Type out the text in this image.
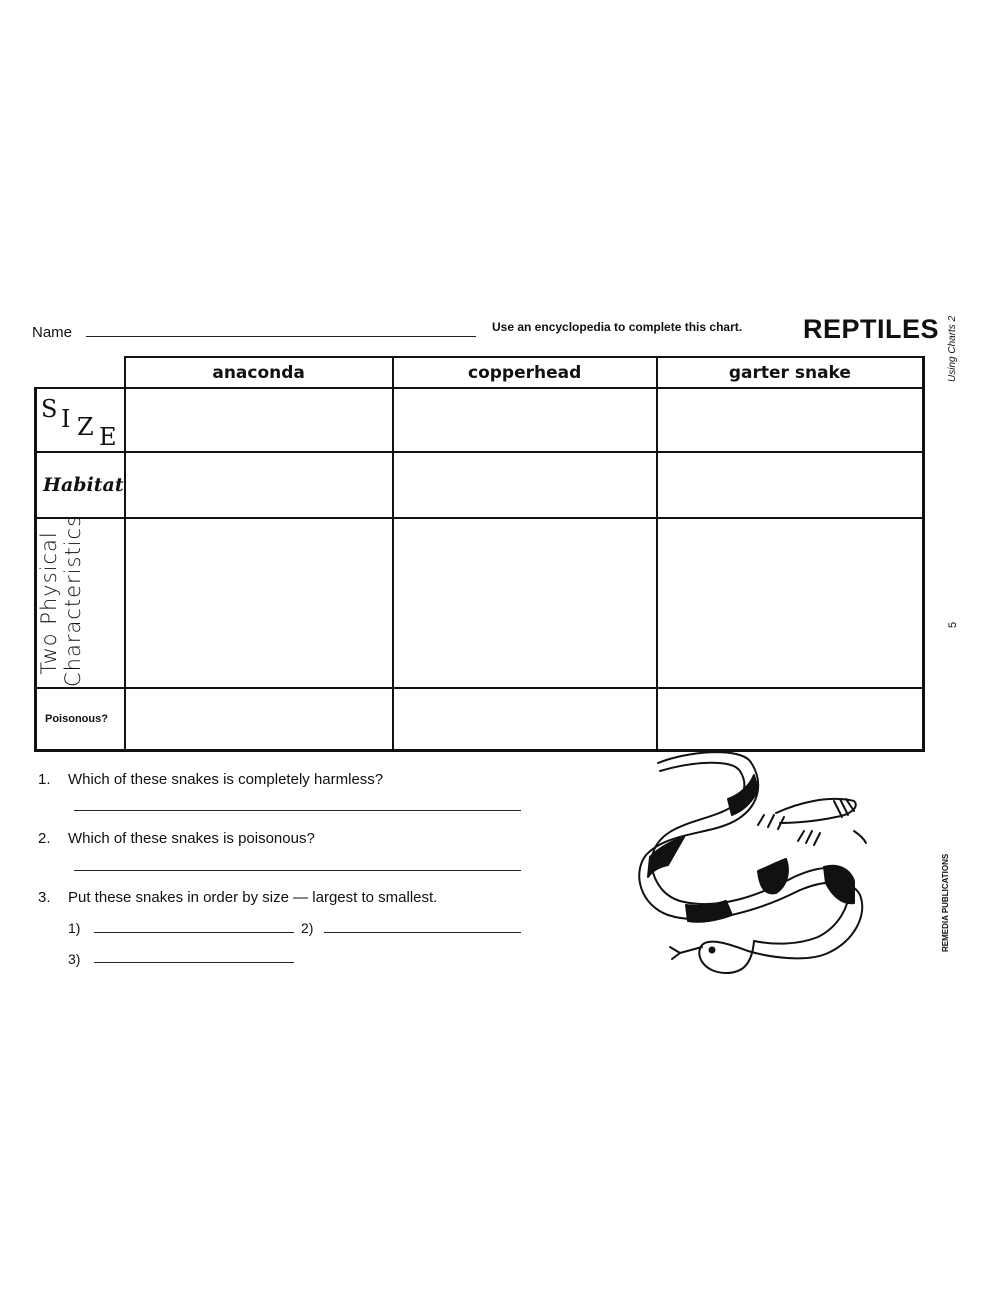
Name	Use an encyclopedia to complete this chart. REPTILES Using Charts 2
5
REMEDIA PUBLICATIONS
	anaconda	copperhead	garter snake

S I Z E			

Habitat			

Two Physical Characteristics			

Poisonous?			

1. Which of these snakes is completely harmless?
2. Which of these snakes is poisonous?
3. Put these snakes in order by size — largest to smallest.
1)	2)
3)
